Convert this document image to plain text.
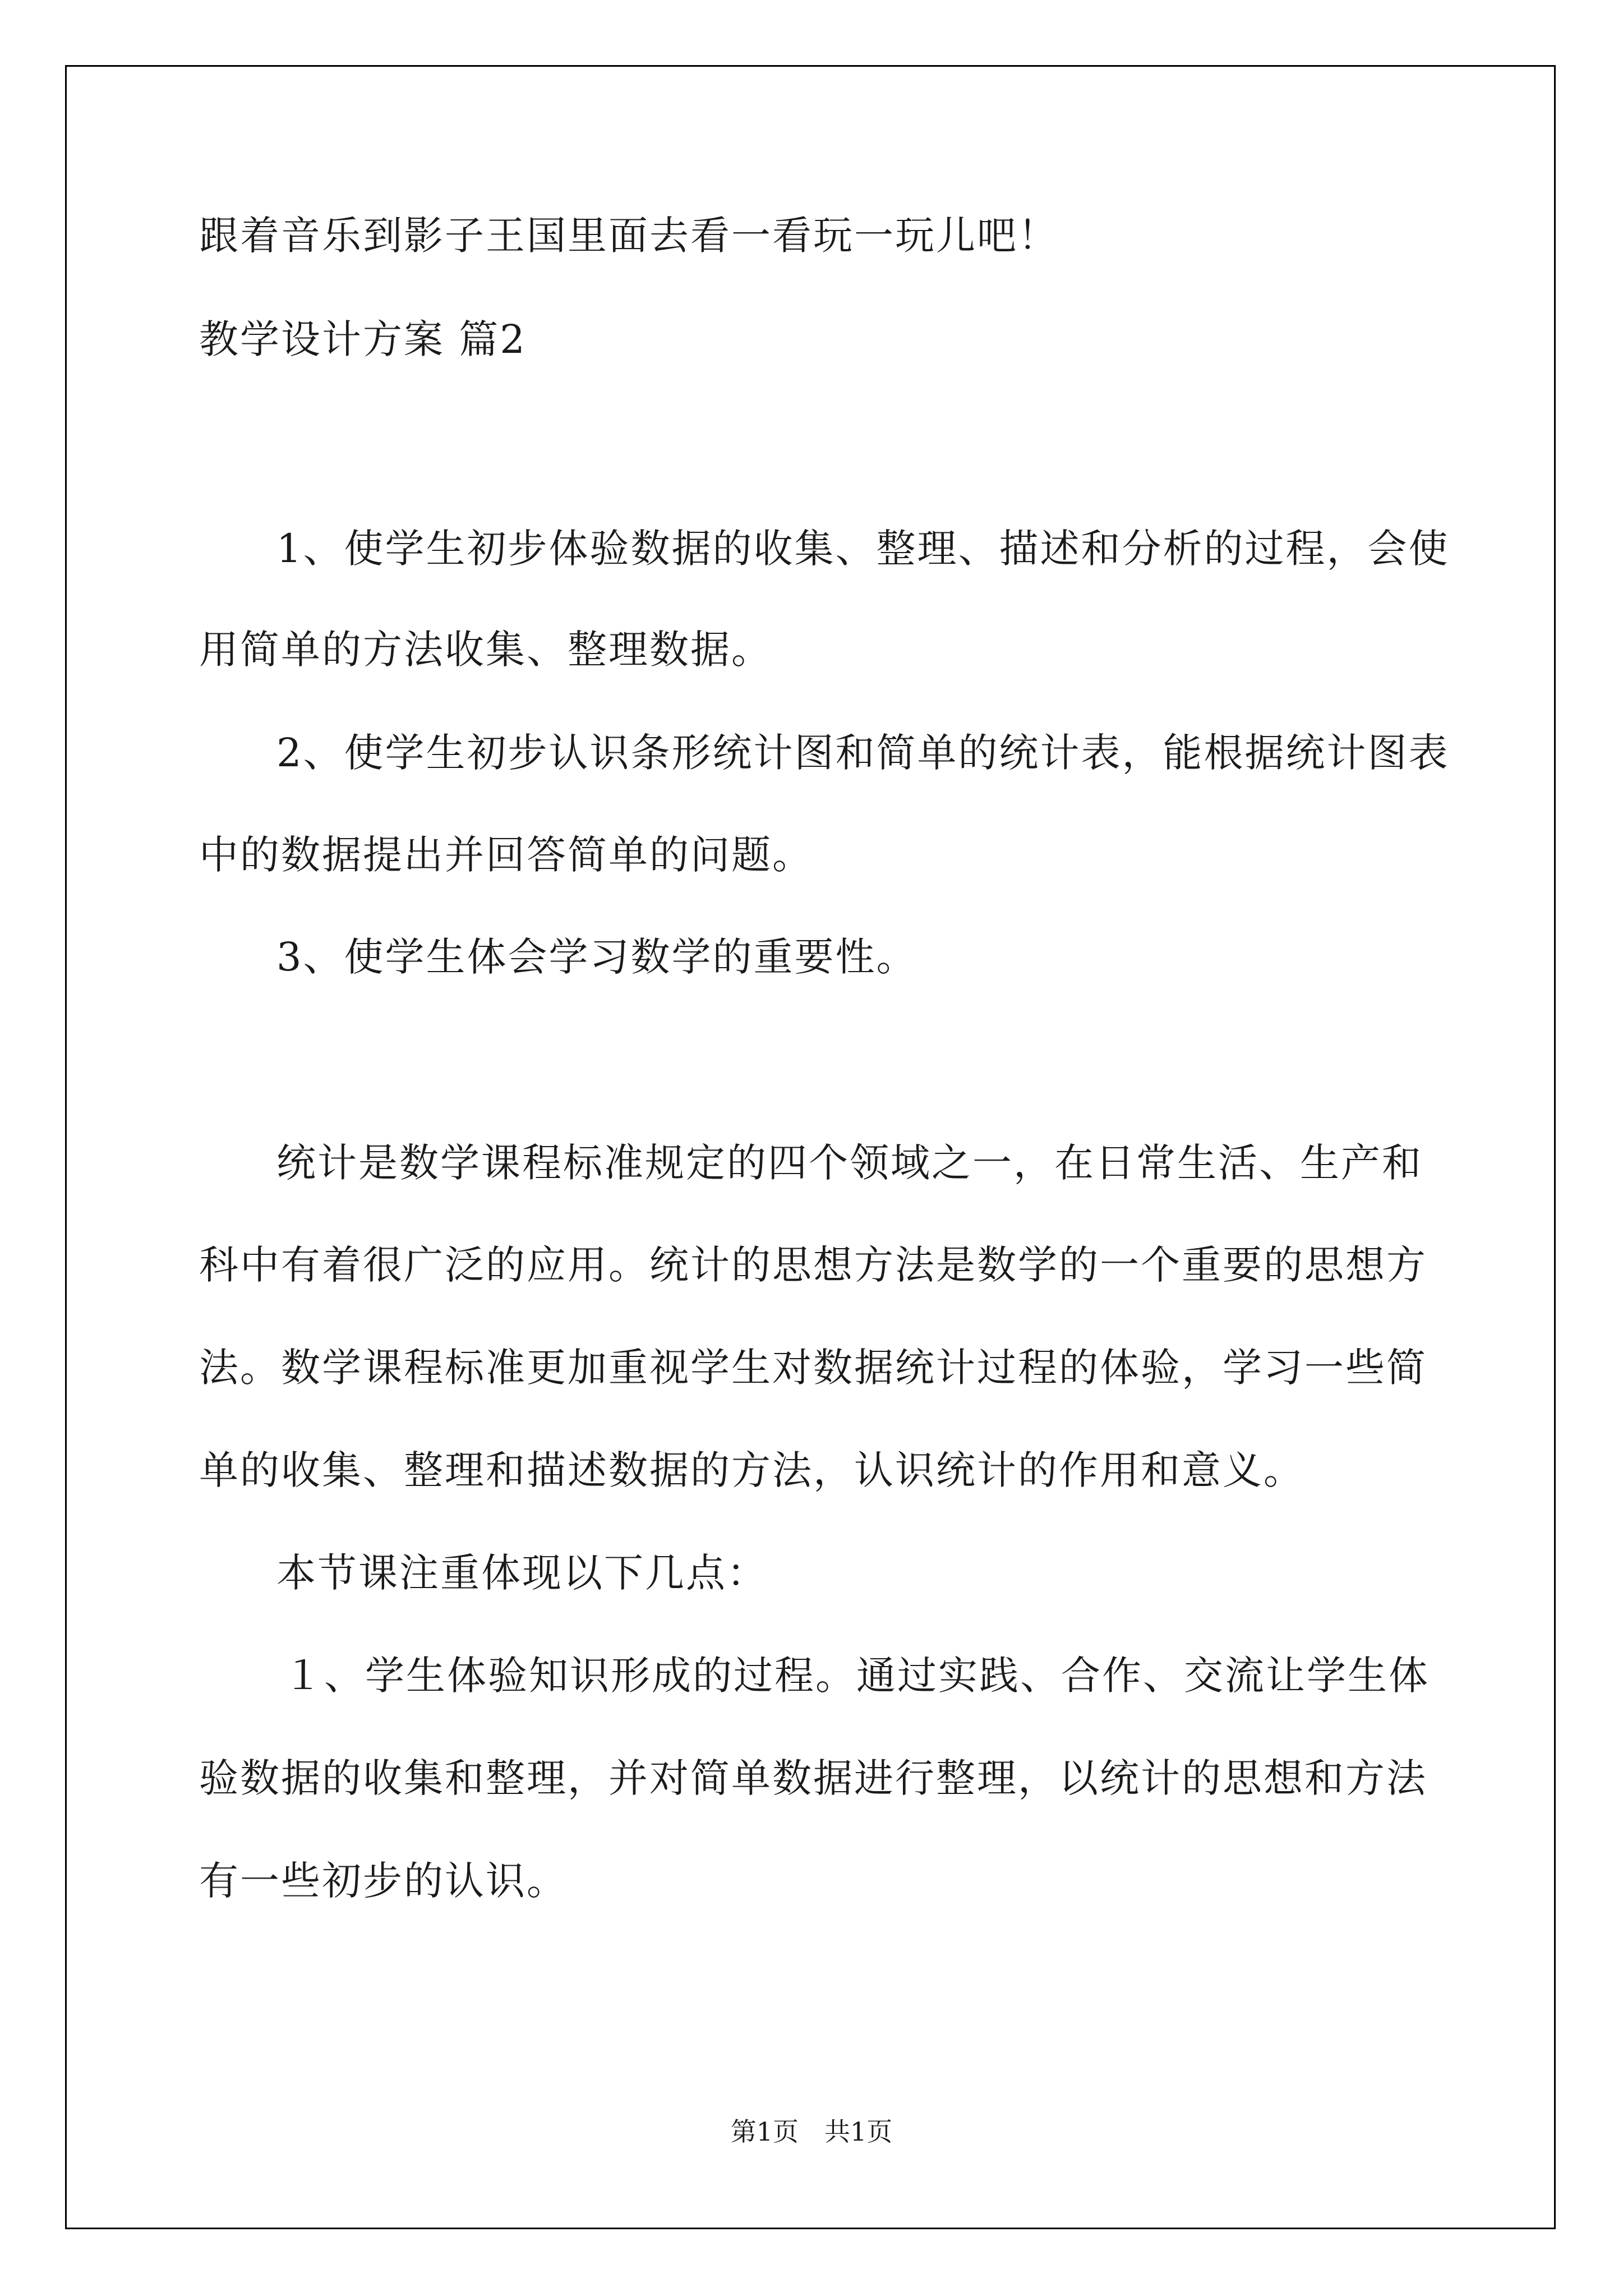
跟着音乐到影子王国里面去看一看玩一玩儿吧！
教学设计方案 篇2
1、使学生初步体验数据的收集、整理、描述和分析的过程，会使
用简单的方法收集、整理数据。
2、使学生初步认识条形统计图和简单的统计表，能根据统计图表
中的数据提出并回答简单的问题。
3、使学生体会学习数学的重要性。
统计是数学课程标准规定的四个领域之一，在日常生活、生产和
科中有着很广泛的应用。统计的思想方法是数学的一个重要的思想方
法。数学课程标准更加重视学生对数据统计过程的体验，学习一些简
单的收集、整理和描述数据的方法，认识统计的作用和意义。
本节课注重体现以下几点：
１、学生体验知识形成的过程。通过实践、合作、交流让学生体
验数据的收集和整理，并对简单数据进行整理，以统计的思想和方法
有一些初步的认识。
第1页　共1页
